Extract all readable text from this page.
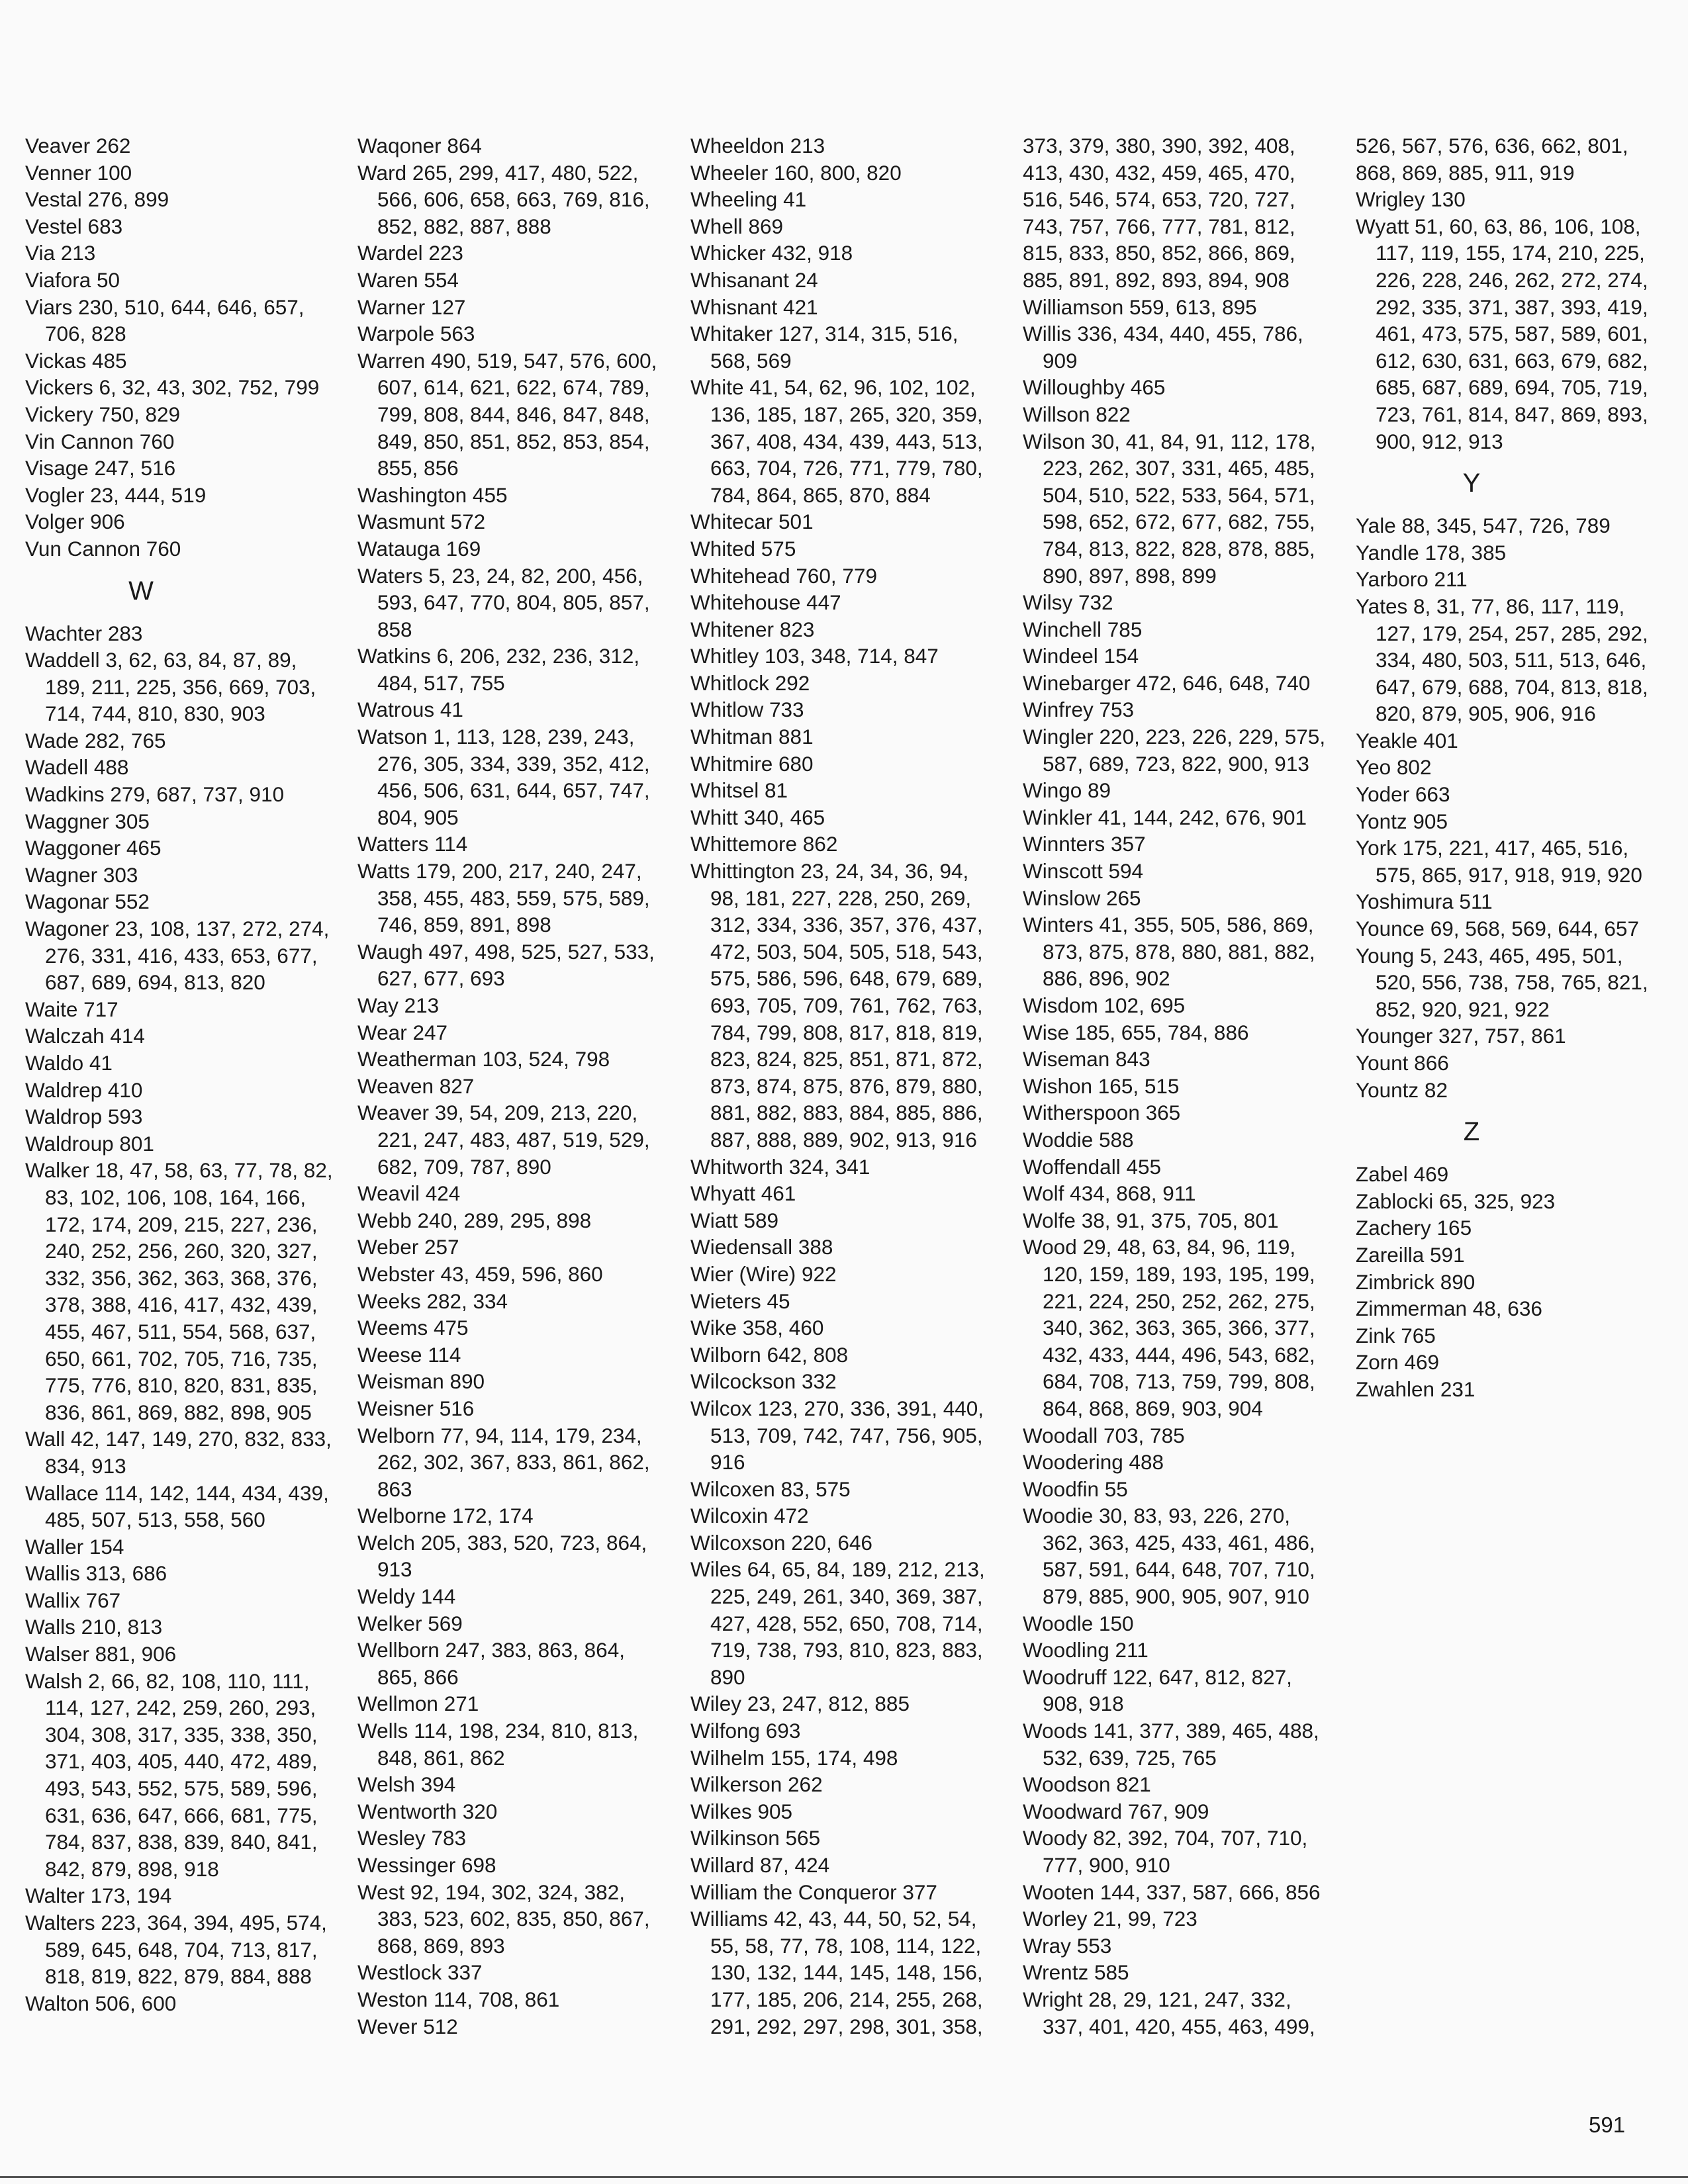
Veaver 262
Venner 100
Vestal 276, 899
Vestel 683
Via 213
Viafora 50
Viars 230, 510, 644, 646, 657, 706, 828
Vickas 485
Vickers 6, 32, 43, 302, 752, 799
Vickery 750, 829
Vin Cannon 760
Visage 247, 516
Vogler 23, 444, 519
Volger 906
Vun Cannon 760
W
Wachter 283
Waddell 3, 62, 63, 84, 87, 89, 189, 211, 225, 356, 669, 703, 714, 744, 810, 830, 903
Wade 282, 765
Wadell 488
Wadkins 279, 687, 737, 910
Waggner 305
Waggoner 465
Wagner 303
Wagonar 552
Wagoner 23, 108, 137, 272, 274, 276, 331, 416, 433, 653, 677, 687, 689, 694, 813, 820
Waite 717
Walczah 414
Waldo 41
Waldrep 410
Waldrop 593
Waldroup 801
Walker 18, 47, 58, 63, 77, 78, 82, 83, 102, 106, 108, 164, 166, 172, 174, 209, 215, 227, 236, 240, 252, 256, 260, 320, 327, 332, 356, 362, 363, 368, 376, 378, 388, 416, 417, 432, 439, 455, 467, 511, 554, 568, 637, 650, 661, 702, 705, 716, 735, 775, 776, 810, 820, 831, 835, 836, 861, 869, 882, 898, 905
Wall 42, 147, 149, 270, 832, 833, 834, 913
Wallace 114, 142, 144, 434, 439, 485, 507, 513, 558, 560
Waller 154
Wallis 313, 686
Wallix 767
Walls 210, 813
Walser 881, 906
Walsh 2, 66, 82, 108, 110, 111, 114, 127, 242, 259, 260, 293, 304, 308, 317, 335, 338, 350, 371, 403, 405, 440, 472, 489, 493, 543, 552, 575, 589, 596, 631, 636, 647, 666, 681, 775, 784, 837, 838, 839, 840, 841, 842, 879, 898, 918
Walter 173, 194
Walters 223, 364, 394, 495, 574, 589, 645, 648, 704, 713, 817, 818, 819, 822, 879, 884, 888
Walton 506, 600
Waqoner 864
Ward 265, 299, 417, 480, 522, 566, 606, 658, 663, 769, 816, 852, 882, 887, 888
Wardel 223
Waren 554
Warner 127
Warpole 563
Warren 490, 519, 547, 576, 600, 607, 614, 621, 622, 674, 789, 799, 808, 844, 846, 847, 848, 849, 850, 851, 852, 853, 854, 855, 856
Washington 455
Wasmunt 572
Watauga 169
Waters 5, 23, 24, 82, 200, 456, 593, 647, 770, 804, 805, 857, 858
Watkins 6, 206, 232, 236, 312, 484, 517, 755
Watrous 41
Watson 1, 113, 128, 239, 243, 276, 305, 334, 339, 352, 412, 456, 506, 631, 644, 657, 747, 804, 905
Watters 114
Watts 179, 200, 217, 240, 247, 358, 455, 483, 559, 575, 589, 746, 859, 891, 898
Waugh 497, 498, 525, 527, 533, 627, 677, 693
Way 213
Wear 247
Weatherman 103, 524, 798
Weaven 827
Weaver 39, 54, 209, 213, 220, 221, 247, 483, 487, 519, 529, 682, 709, 787, 890
Weavil 424
Webb 240, 289, 295, 898
Weber 257
Webster 43, 459, 596, 860
Weeks 282, 334
Weems 475
Weese 114
Weisman 890
Weisner 516
Welborn 77, 94, 114, 179, 234, 262, 302, 367, 833, 861, 862, 863
Welborne 172, 174
Welch 205, 383, 520, 723, 864, 913
Weldy 144
Welker 569
Wellborn 247, 383, 863, 864, 865, 866
Wellmon 271
Wells 114, 198, 234, 810, 813, 848, 861, 862
Welsh 394
Wentworth 320
Wesley 783
Wessinger 698
West 92, 194, 302, 324, 382, 383, 523, 602, 835, 850, 867, 868, 869, 893
Westlock 337
Weston 114, 708, 861
Wever 512
Wheeldon 213
Wheeler 160, 800, 820
Wheeling 41
Whell 869
Whicker 432, 918
Whisanant 24
Whisnant 421
Whitaker 127, 314, 315, 516, 568, 569
White 41, 54, 62, 96, 102, 102, 136, 185, 187, 265, 320, 359, 367, 408, 434, 439, 443, 513, 663, 704, 726, 771, 779, 780, 784, 864, 865, 870, 884
Whitecar 501
Whited 575
Whitehead 760, 779
Whitehouse 447
Whitener 823
Whitley 103, 348, 714, 847
Whitlock 292
Whitlow 733
Whitman 881
Whitmire 680
Whitsel 81
Whitt 340, 465
Whittemore 862
Whittington 23, 24, 34, 36, 94, 98, 181, 227, 228, 250, 269, 312, 334, 336, 357, 376, 437, 472, 503, 504, 505, 518, 543, 575, 586, 596, 648, 679, 689, 693, 705, 709, 761, 762, 763, 784, 799, 808, 817, 818, 819, 823, 824, 825, 851, 871, 872, 873, 874, 875, 876, 879, 880, 881, 882, 883, 884, 885, 886, 887, 888, 889, 902, 913, 916
Whitworth 324, 341
Whyatt 461
Wiatt 589
Wiedensall 388
Wier (Wire) 922
Wieters 45
Wike 358, 460
Wilborn 642, 808
Wilcockson 332
Wilcox 123, 270, 336, 391, 440, 513, 709, 742, 747, 756, 905, 916
Wilcoxen 83, 575
Wilcoxin 472
Wilcoxson 220, 646
Wiles 64, 65, 84, 189, 212, 213, 225, 249, 261, 340, 369, 387, 427, 428, 552, 650, 708, 714, 719, 738, 793, 810, 823, 883, 890
Wiley 23, 247, 812, 885
Wilfong 693
Wilhelm 155, 174, 498
Wilkerson 262
Wilkes 905
Wilkinson 565
Willard 87, 424
William the Conqueror 377
Williams 42, 43, 44, 50, 52, 54, 55, 58, 77, 78, 108, 114, 122, 130, 132, 144, 145, 148, 156, 177, 185, 206, 214, 255, 268, 291, 292, 297, 298, 301, 358,
373, 379, 380, 390, 392, 408,
413, 430, 432, 459, 465, 470,
516, 546, 574, 653, 720, 727,
743, 757, 766, 777, 781, 812,
815, 833, 850, 852, 866, 869,
885, 891, 892, 893, 894, 908
Williamson 559, 613, 895
Willis 336, 434, 440, 455, 786, 909
Willoughby 465
Willson 822
Wilson 30, 41, 84, 91, 112, 178, 223, 262, 307, 331, 465, 485, 504, 510, 522, 533, 564, 571, 598, 652, 672, 677, 682, 755, 784, 813, 822, 828, 878, 885, 890, 897, 898, 899
Wilsy 732
Winchell 785
Windeel 154
Winebarger 472, 646, 648, 740
Winfrey 753
Wingler 220, 223, 226, 229, 575, 587, 689, 723, 822, 900, 913
Wingo 89
Winkler 41, 144, 242, 676, 901
Winnters 357
Winscott 594
Winslow 265
Winters 41, 355, 505, 586, 869, 873, 875, 878, 880, 881, 882, 886, 896, 902
Wisdom 102, 695
Wise 185, 655, 784, 886
Wiseman 843
Wishon 165, 515
Witherspoon 365
Woddie 588
Woffendall 455
Wolf 434, 868, 911
Wolfe 38, 91, 375, 705, 801
Wood 29, 48, 63, 84, 96, 119, 120, 159, 189, 193, 195, 199, 221, 224, 250, 252, 262, 275, 340, 362, 363, 365, 366, 377, 432, 433, 444, 496, 543, 682, 684, 708, 713, 759, 799, 808, 864, 868, 869, 903, 904
Woodall 703, 785
Woodering 488
Woodfin 55
Woodie 30, 83, 93, 226, 270, 362, 363, 425, 433, 461, 486, 587, 591, 644, 648, 707, 710, 879, 885, 900, 905, 907, 910
Woodle 150
Woodling 211
Woodruff 122, 647, 812, 827, 908, 918
Woods 141, 377, 389, 465, 488, 532, 639, 725, 765
Woodson 821
Woodward 767, 909
Woody 82, 392, 704, 707, 710, 777, 900, 910
Wooten 144, 337, 587, 666, 856
Worley 21, 99, 723
Wray 553
Wrentz 585
Wright 28, 29, 121, 247, 332, 337, 401, 420, 455, 463, 499,
526, 567, 576, 636, 662, 801,
868, 869, 885, 911, 919
Wrigley 130
Wyatt 51, 60, 63, 86, 106, 108, 117, 119, 155, 174, 210, 225, 226, 228, 246, 262, 272, 274, 292, 335, 371, 387, 393, 419, 461, 473, 575, 587, 589, 601, 612, 630, 631, 663, 679, 682, 685, 687, 689, 694, 705, 719, 723, 761, 814, 847, 869, 893, 900, 912, 913
Y
Yale 88, 345, 547, 726, 789
Yandle 178, 385
Yarboro 211
Yates 8, 31, 77, 86, 117, 119, 127, 179, 254, 257, 285, 292, 334, 480, 503, 511, 513, 646, 647, 679, 688, 704, 813, 818, 820, 879, 905, 906, 916
Yeakle 401
Yeo 802
Yoder 663
Yontz 905
York 175, 221, 417, 465, 516, 575, 865, 917, 918, 919, 920
Yoshimura 511
Younce 69, 568, 569, 644, 657
Young 5, 243, 465, 495, 501, 520, 556, 738, 758, 765, 821, 852, 920, 921, 922
Younger 327, 757, 861
Yount 866
Yountz 82
Z
Zabel 469
Zablocki 65, 325, 923
Zachery 165
Zareilla 591
Zimbrick 890
Zimmerman 48, 636
Zink 765
Zorn 469
Zwahlen 231
591
